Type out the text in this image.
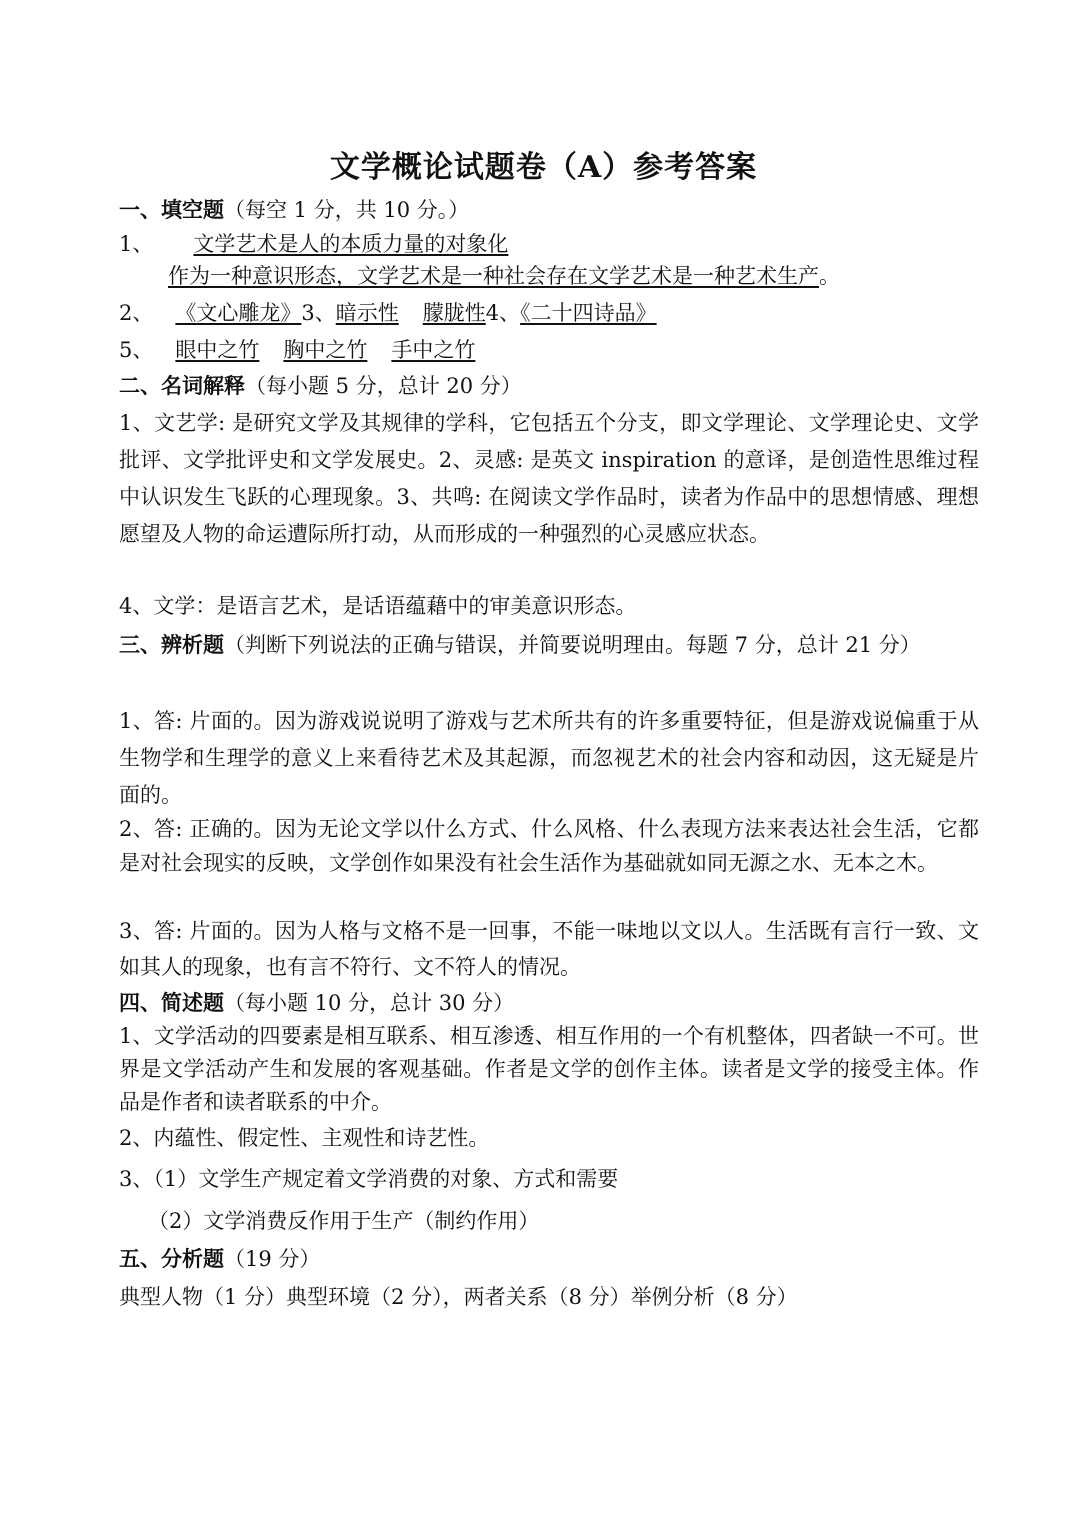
文学概论试题卷（A）参考答案
一、填空题（每空 1 分，共 10 分。）
1、 文学艺术是人的本质力量的对象化
作为一种意识形态，文学艺术是一种社会存在文学艺术是一种艺术生产。
2、 《文心雕龙》3、暗示性 朦胧性4、《二十四诗品》
5、 眼中之竹 胸中之竹 手中之竹
二、名词解释（每小题 5 分，总计 20 分）
1、文艺学: 是研究文学及其规律的学科，它包括五个分支，即文学理论、文学理论史、文学批评、文学批评史和文学发展史。2、灵感: 是英文 inspiration 的意译，是创造性思维过程中认识发生飞跃的心理现象。3、共鸣: 在阅读文学作品时，读者为作品中的思想情感、理想愿望及人物的命运遭际所打动，从而形成的一种强烈的心灵感应状态。
4、文学：是语言艺术，是话语蕴藉中的审美意识形态。
三、辨析题（判断下列说法的正确与错误，并简要说明理由。每题 7 分，总计 21 分）
1、答: 片面的。因为游戏说说明了游戏与艺术所共有的许多重要特征，但是游戏说偏重于从生物学和生理学的意义上来看待艺术及其起源，而忽视艺术的社会内容和动因，这无疑是片面的。
2、答: 正确的。因为无论文学以什么方式、什么风格、什么表现方法来表达社会生活，它都是对社会现实的反映，文学创作如果没有社会生活作为基础就如同无源之水、无本之木。
3、答: 片面的。因为人格与文格不是一回事，不能一味地以文以人。生活既有言行一致、文如其人的现象，也有言不符行、文不符人的情况。
四、简述题（每小题 10 分，总计 30 分）
1、文学活动的四要素是相互联系、相互渗透、相互作用的一个有机整体，四者缺一不可。世界是文学活动产生和发展的客观基础。作者是文学的创作主体。读者是文学的接受主体。作品是作者和读者联系的中介。
2、内蕴性、假定性、主观性和诗艺性。
3、（1）文学生产规定着文学消费的对象、方式和需要
（2）文学消费反作用于生产（制约作用）
五、分析题（19 分）
典型人物（1 分）典型环境（2 分），两者关系（8 分）举例分析（8 分）
